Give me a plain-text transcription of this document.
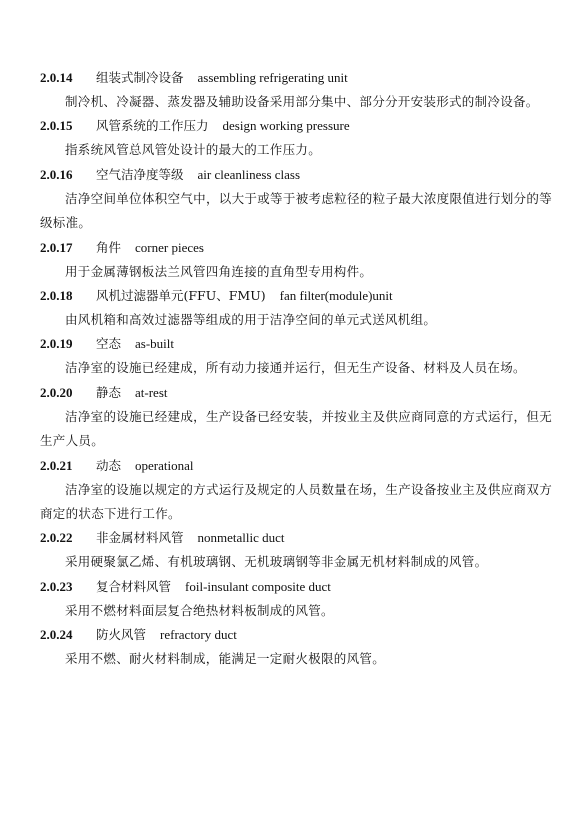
2.0.14 组装式制冷设备 assembling refrigerating unit

制冷机、冷凝器、蒸发器及辅助设备采用部分集中、部分分开安装形式的制冷设备。

2.0.15 风管系统的工作压力 design working pressure

指系统风管总风管处设计的最大的工作压力。

2.0.16 空气洁净度等级 air cleanliness class

洁净空间单位体积空气中，以大于或等于被考虑粒径的粒子最大浓度限值进行划分的等级标准。

2.0.17 角件 corner pieces

用于金属薄钢板法兰风管四角连接的直角型专用构件。

2.0.18 风机过滤器单元(FFU、FMU) fan filter(module)unit

由风机箱和高效过滤器等组成的用于洁净空间的单元式送风机组。

2.0.19 空态 as-built

洁净室的设施已经建成，所有动力接通并运行，但无生产设备、材料及人员在场。

2.0.20 静态 at-rest

洁净室的设施已经建成，生产设备已经安装，并按业主及供应商同意的方式运行，但无生产人员。

2.0.21 动态 operational

洁净室的设施以规定的方式运行及规定的人员数量在场，生产设备按业主及供应商双方商定的状态下进行工作。

2.0.22 非金属材料风管 nonmetallic duct

采用硬聚氯乙烯、有机玻璃钢、无机玻璃钢等非金属无机材料制成的风管。

2.0.23 复合材料风管 foil-insulant composite duct

采用不燃材料面层复合绝热材料板制成的风管。

2.0.24 防火风管 refractory duct

采用不燃、耐火材料制成，能满足一定耐火极限的风管。
